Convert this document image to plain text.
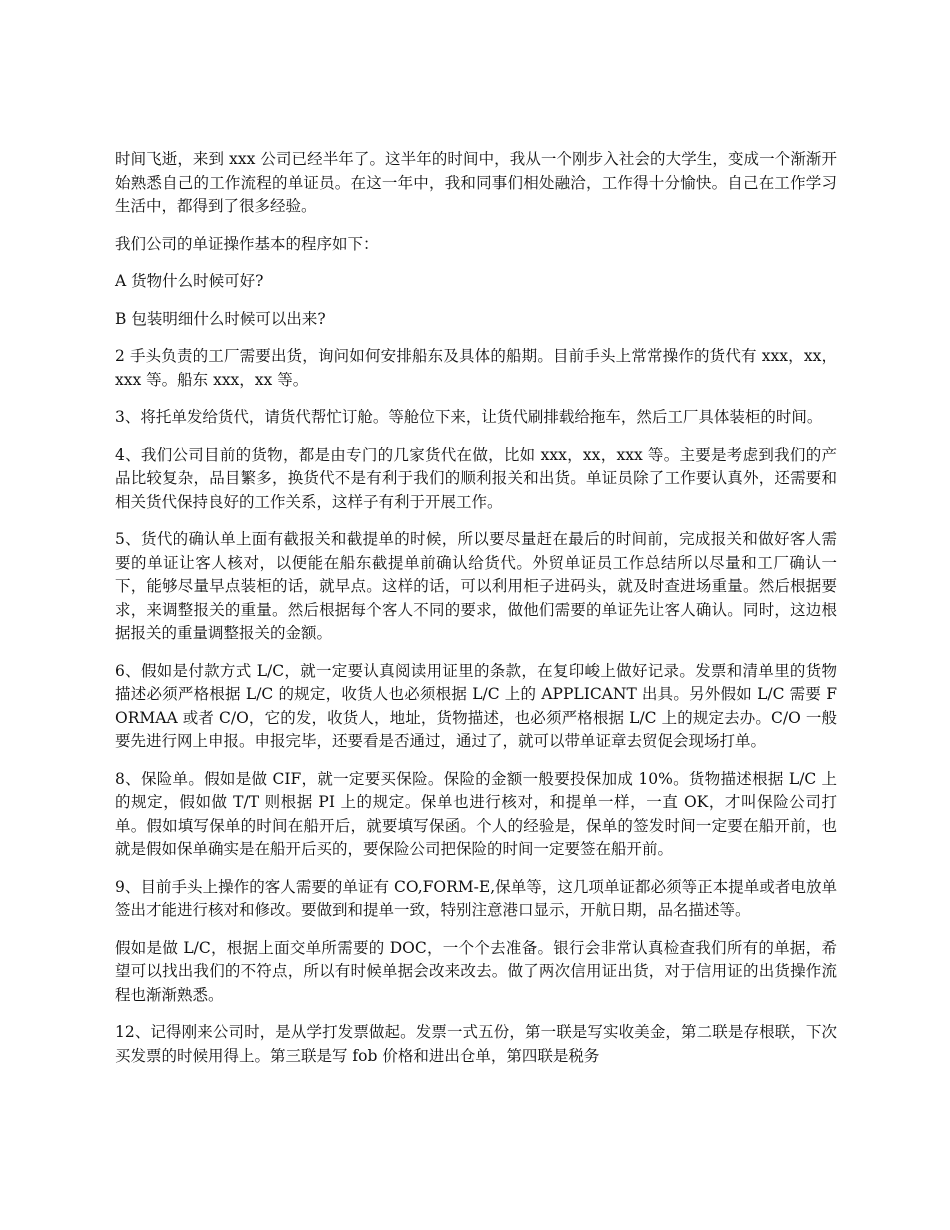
时间飞逝，来到 xxx 公司已经半年了。这半年的时间中，我从一个刚步入社会的大学生，变成一个渐渐开始熟悉自己的工作流程的单证员。在这一年中，我和同事们相处融洽，工作得十分愉快。自己在工作学习生活中，都得到了很多经验。

我们公司的单证操作基本的程序如下：

A 货物什么时候可好?

B 包装明细什么时候可以出来?

2 手头负责的工厂需要出货，询问如何安排船东及具体的船期。目前手头上常常操作的货代有 xxx，xx，xxx 等。船东 xxx，xx 等。

3、将托单发给货代，请货代帮忙订舱。等舱位下来，让货代刷排载给拖车，然后工厂具体装柜的时间。

4、我们公司目前的货物，都是由专门的几家货代在做，比如 xxx，xx，xxx 等。主要是考虑到我们的产品比较复杂，品目繁多，换货代不是有利于我们的顺利报关和出货。单证员除了工作要认真外，还需要和相关货代保持良好的工作关系，这样子有利于开展工作。

5、货代的确认单上面有截报关和截提单的时候，所以要尽量赶在最后的时间前，完成报关和做好客人需要的单证让客人核对，以便能在船东截提单前确认给货代。外贸单证员工作总结所以尽量和工厂确认一下，能够尽量早点装柜的话，就早点。这样的话，可以利用柜子进码头，就及时查进场重量。然后根据要求，来调整报关的重量。然后根据每个客人不同的要求，做他们需要的单证先让客人确认。同时，这边根据报关的重量调整报关的金额。

6、假如是付款方式 L/C，就一定要认真阅读用证里的条款，在复印峻上做好记录。发票和清单里的货物描述必须严格根据 L/C 的规定，收货人也必须根据 L/C 上的 APPLICANT 出具。另外假如 L/C 需要 FORMAA 或者 C/O，它的发，收货人，地址，货物描述，也必须严格根据 L/C 上的规定去办。C/O 一般要先进行网上申报。申报完毕，还要看是否通过，通过了，就可以带单证章去贸促会现场打单。

8、保险单。假如是做 CIF，就一定要买保险。保险的金额一般要投保加成 10%。货物描述根据 L/C 上的规定，假如做 T/T 则根据 PI 上的规定。保单也进行核对，和提单一样，一直 OK，才叫保险公司打单。假如填写保单的时间在船开后，就要填写保函。个人的经验是，保单的签发时间一定要在船开前，也就是假如保单确实是在船开后买的，要保险公司把保险的时间一定要签在船开前。

9、目前手头上操作的客人需要的单证有 CO,FORM-E,保单等，这几项单证都必须等正本提单或者电放单签出才能进行核对和修改。要做到和提单一致，特别注意港口显示，开航日期，品名描述等。

假如是做 L/C，根据上面交单所需要的 DOC，一个个去准备。银行会非常认真检查我们所有的单据，希望可以找出我们的不符点，所以有时候单据会改来改去。做了两次信用证出货，对于信用证的出货操作流程也渐渐熟悉。

12、记得刚来公司时，是从学打发票做起。发票一式五份，第一联是写实收美金，第二联是存根联，下次买发票的时候用得上。第三联是写 fob 价格和进出仓单，第四联是税务
